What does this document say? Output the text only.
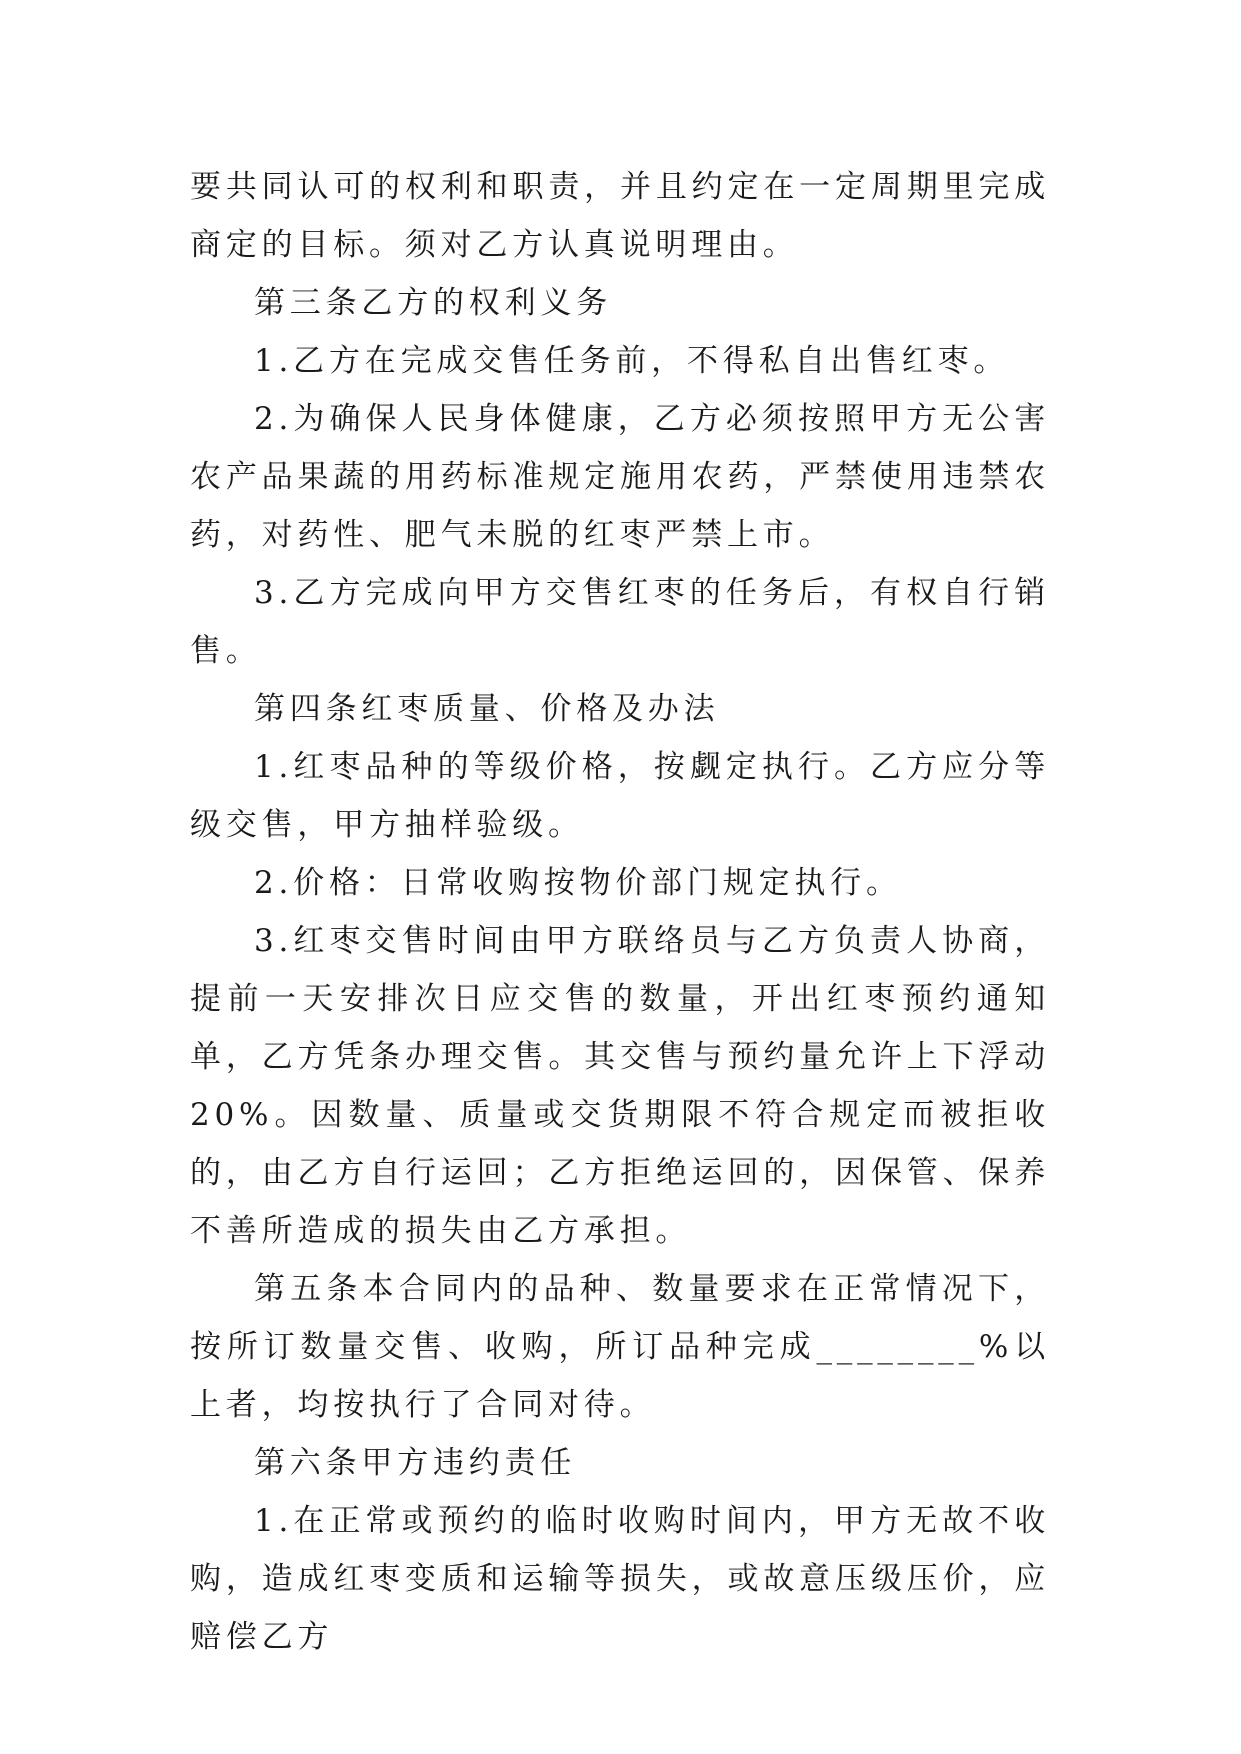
要共同认可的权利和职责，并且约定在一定周期里完成商定的目标。须对乙方认真说明理由。

第三条乙方的权利义务

1.乙方在完成交售任务前，不得私自出售红枣。

2.为确保人民身体健康，乙方必须按照甲方无公害农产品果蔬的用药标准规定施用农药，严禁使用违禁农药，对药性、肥气未脱的红枣严禁上市。

3.乙方完成向甲方交售红枣的任务后，有权自行销售。

第四条红枣质量、价格及办法

1.红枣品种的等级价格，按觑定执行。乙方应分等级交售，甲方抽样验级。

2.价格：日常收购按物价部门规定执行。

3.红枣交售时间由甲方联络员与乙方负责人协商，提前一天安排次日应交售的数量，开出红枣预约通知单，乙方凭条办理交售。其交售与预约量允许上下浮动20%。因数量、质量或交货期限不符合规定而被拒收的，由乙方自行运回；乙方拒绝运回的，因保管、保养不善所造成的损失由乙方承担。

第五条本合同内的品种、数量要求在正常情况下，按所订数量交售、收购，所订品种完成________%以上者，均按执行了合同对待。

第六条甲方违约责任

1.在正常或预约的临时收购时间内，甲方无故不收购，造成红枣变质和运输等损失，或故意压级压价，应赔偿乙方
